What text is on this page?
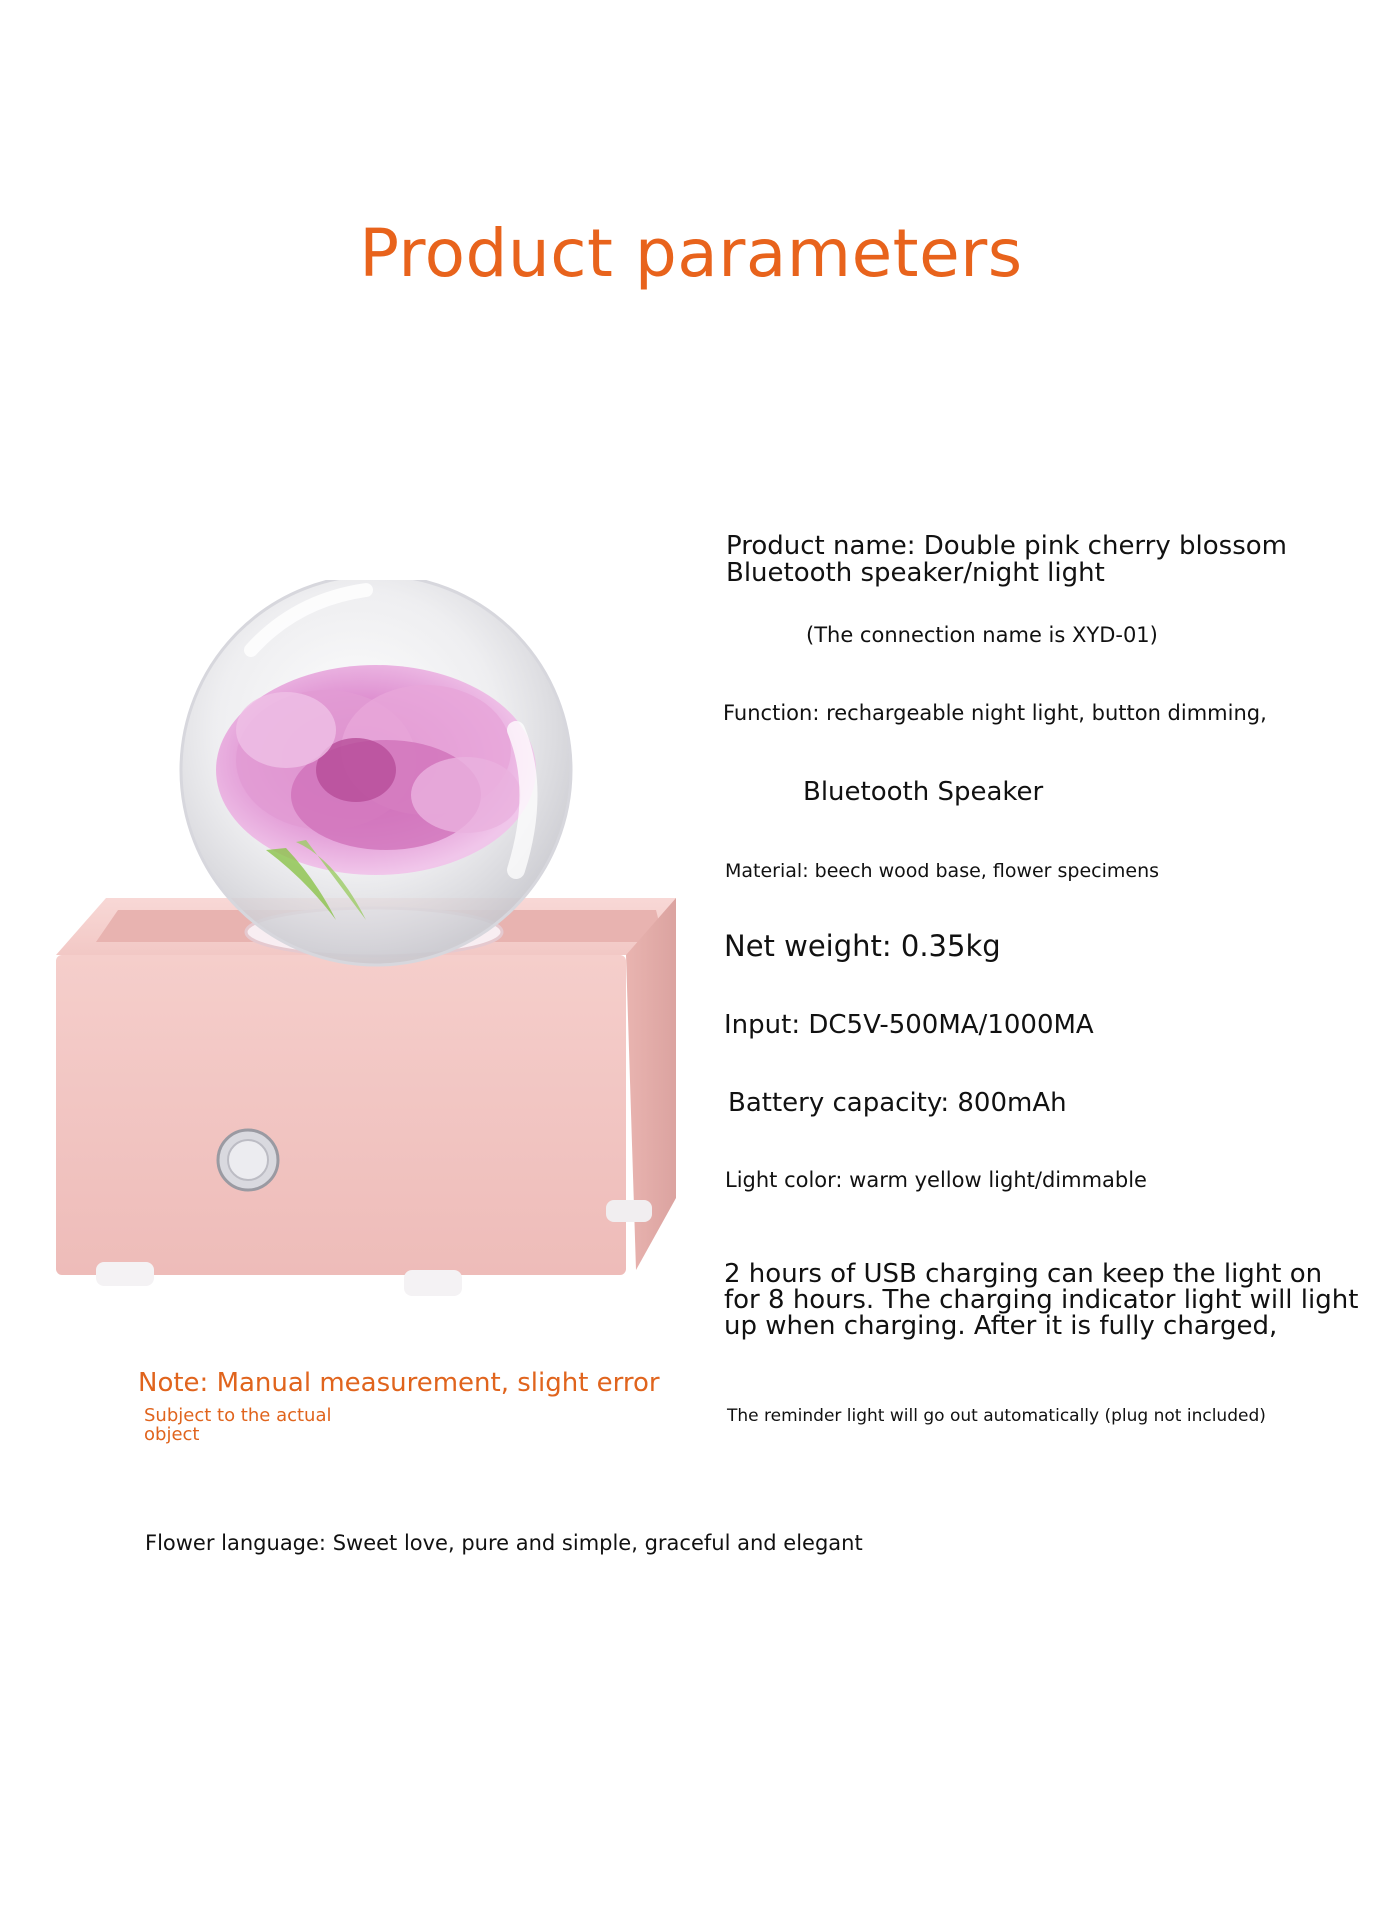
Product parameters
Product name: Double pink cherry blossom
Bluetooth speaker/night light
(The connection name is XYD-01)
Function: rechargeable night light, button dimming,
Bluetooth Speaker
Material: beech wood base, flower specimens
Net weight: 0.35kg
Input: DC5V-500MA/1000MA
Battery capacity: 800mAh
Light color: warm yellow light/dimmable
2 hours of USB charging can keep the light on
for 8 hours. The charging indicator light will light
up when charging. After it is fully charged,
The reminder light will go out automatically (plug not included)
Note: Manual measurement, slight error
Subject to the actual object
Flower language: Sweet love, pure and simple, graceful and elegant
